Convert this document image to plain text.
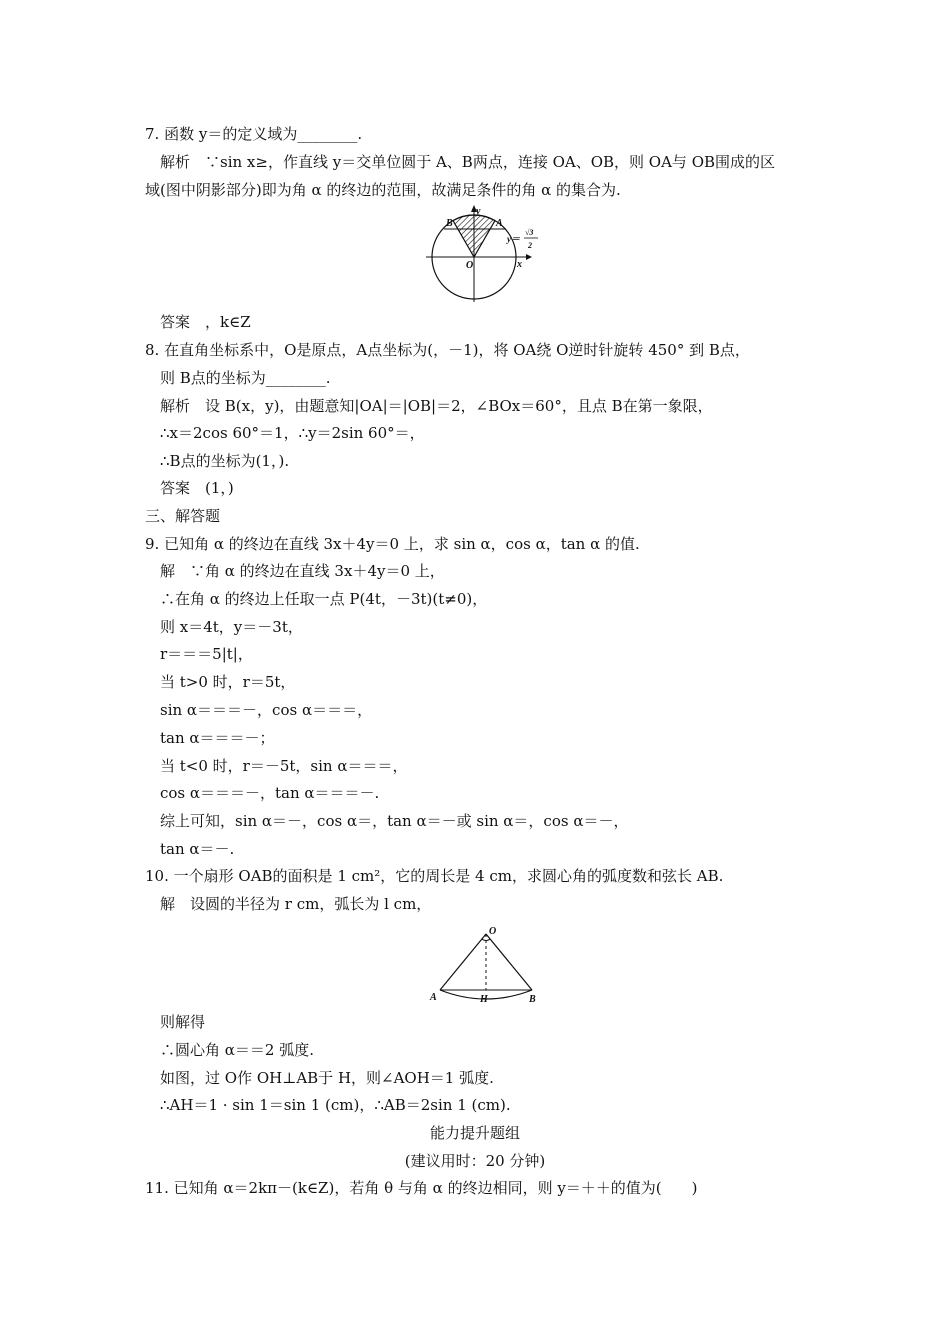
7. 函数 y＝的定义域为________.
解析　∵sin x≥，作直线 y＝交单位圆于 A、B两点，连接 OA、OB，则 OA与 OB围成的区
域(图中阴影部分)即为角 α 的终边的范围，故满足条件的角 α 的集合为.
y
x
O
B	A
y＝
√3
2
答案　，k∈Z
8. 在直角坐标系中，O是原点，A点坐标为(，－1)，将 OA绕 O逆时针旋转 450° 到 B点，
则 B点的坐标为________.
解析　设 B(x，y)，由题意知|OA|＝|OB|＝2，∠BOx＝60°，且点 B在第一象限，
∴x＝2cos 60°＝1，∴y＝2sin 60°＝，
∴B点的坐标为(1，).
答案　(1，)
三、解答题
9. 已知角 α 的终边在直线 3x＋4y＝0 上，求 sin α，cos α，tan α 的值.
解　∵角 α 的终边在直线 3x＋4y＝0 上，
∴在角 α 的终边上任取一点 P(4t，－3t)(t≠0)，
则 x＝4t，y＝－3t，
r＝＝＝5|t|，
当 t>0 时，r＝5t，
sin α＝＝＝－，cos α＝＝＝，
tan α＝＝＝－；
当 t<0 时，r＝－5t，sin α＝＝＝，
cos α＝＝＝－，tan α＝＝＝－.
综上可知，sin α＝－，cos α＝，tan α＝－或 sin α＝，cos α＝－，
tan α＝－.
10. 一个扇形 OAB的面积是 1 cm²，它的周长是 4 cm，求圆心角的弧度数和弦长 AB.
解　设圆的半径为 r cm，弧长为 l cm，
O
A	B
H
则解得
∴圆心角 α＝＝2 弧度.
如图，过 O作 OH⊥AB于 H，则∠AOH＝1 弧度.
∴AH＝1 · sin 1＝sin 1 (cm)，∴AB＝2sin 1 (cm).
能力提升题组
(建议用时：20 分钟)
11. 已知角 α＝2kπ－(k∈Z)，若角 θ 与角 α 的终边相同，则 y＝＋＋的值为(　　)
